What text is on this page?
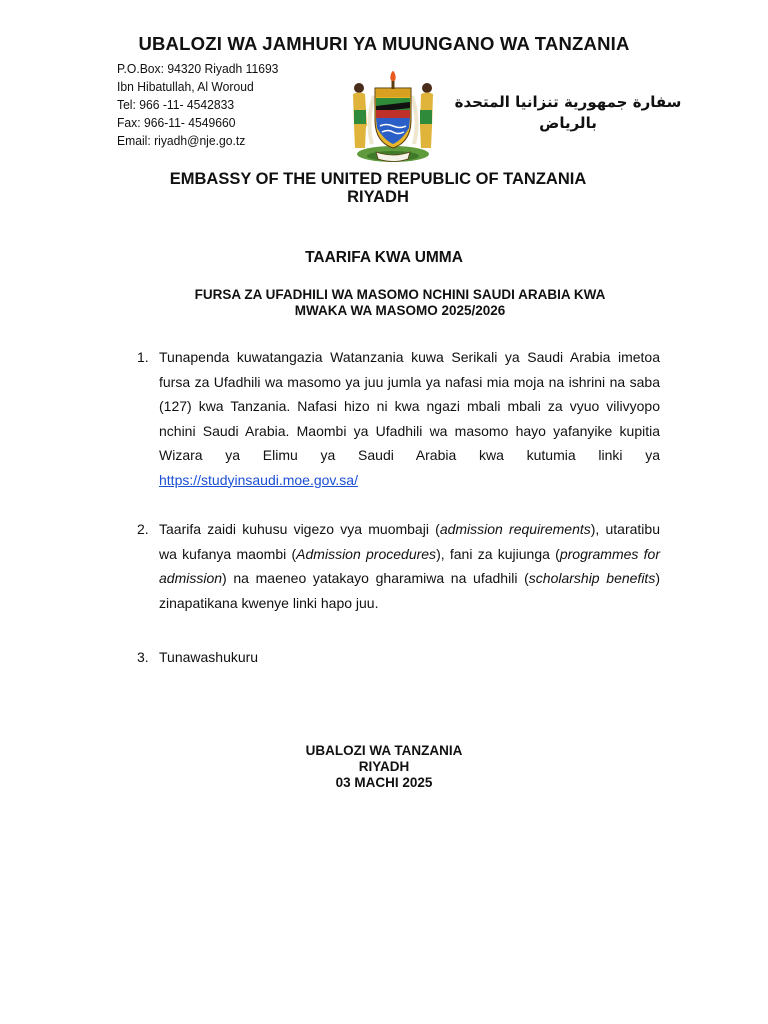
UBALOZI WA JAMHURI YA MUUNGANO WA TANZANIA
P.O.Box: 94320 Riyadh 11693
Ibn Hibatullah, Al Woroud
Tel: 966 -11- 4542833
Fax: 966-11- 4549660
Email: riyadh@nje.go.tz
سفارة جمهورية تنزانيا المتحدة
بالرياض
EMBASSY OF THE UNITED REPUBLIC OF TANZANIA
RIYADH
TAARIFA KWA UMMA
FURSA ZA UFADHILI WA MASOMO NCHINI SAUDI ARABIA KWA
MWAKA WA MASOMO 2025/2026
1. Tunapenda kuwatangazia Watanzania kuwa Serikali ya Saudi Arabia imetoa fursa za Ufadhili wa masomo ya juu jumla ya nafasi mia moja na ishrini na saba (127) kwa Tanzania. Nafasi hizo ni kwa ngazi mbali mbali za vyuo vilivyopo nchini Saudi Arabia. Maombi ya Ufadhili wa masomo hayo yafanyike kupitia Wizara ya Elimu ya Saudi Arabia kwa kutumia linki ya https://studyinsaudi.moe.gov.sa/
2. Taarifa zaidi kuhusu vigezo vya muombaji (admission requirements), utaratibu wa kufanya maombi (Admission procedures), fani za kujiunga (programmes for admission) na maeneo yatakayo gharamiwa na ufadhili (scholarship benefits) zinapatikana kwenye linki hapo juu.
3. Tunawashukuru
UBALOZI WA TANZANIA
RIYADH
03 MACHI 2025
